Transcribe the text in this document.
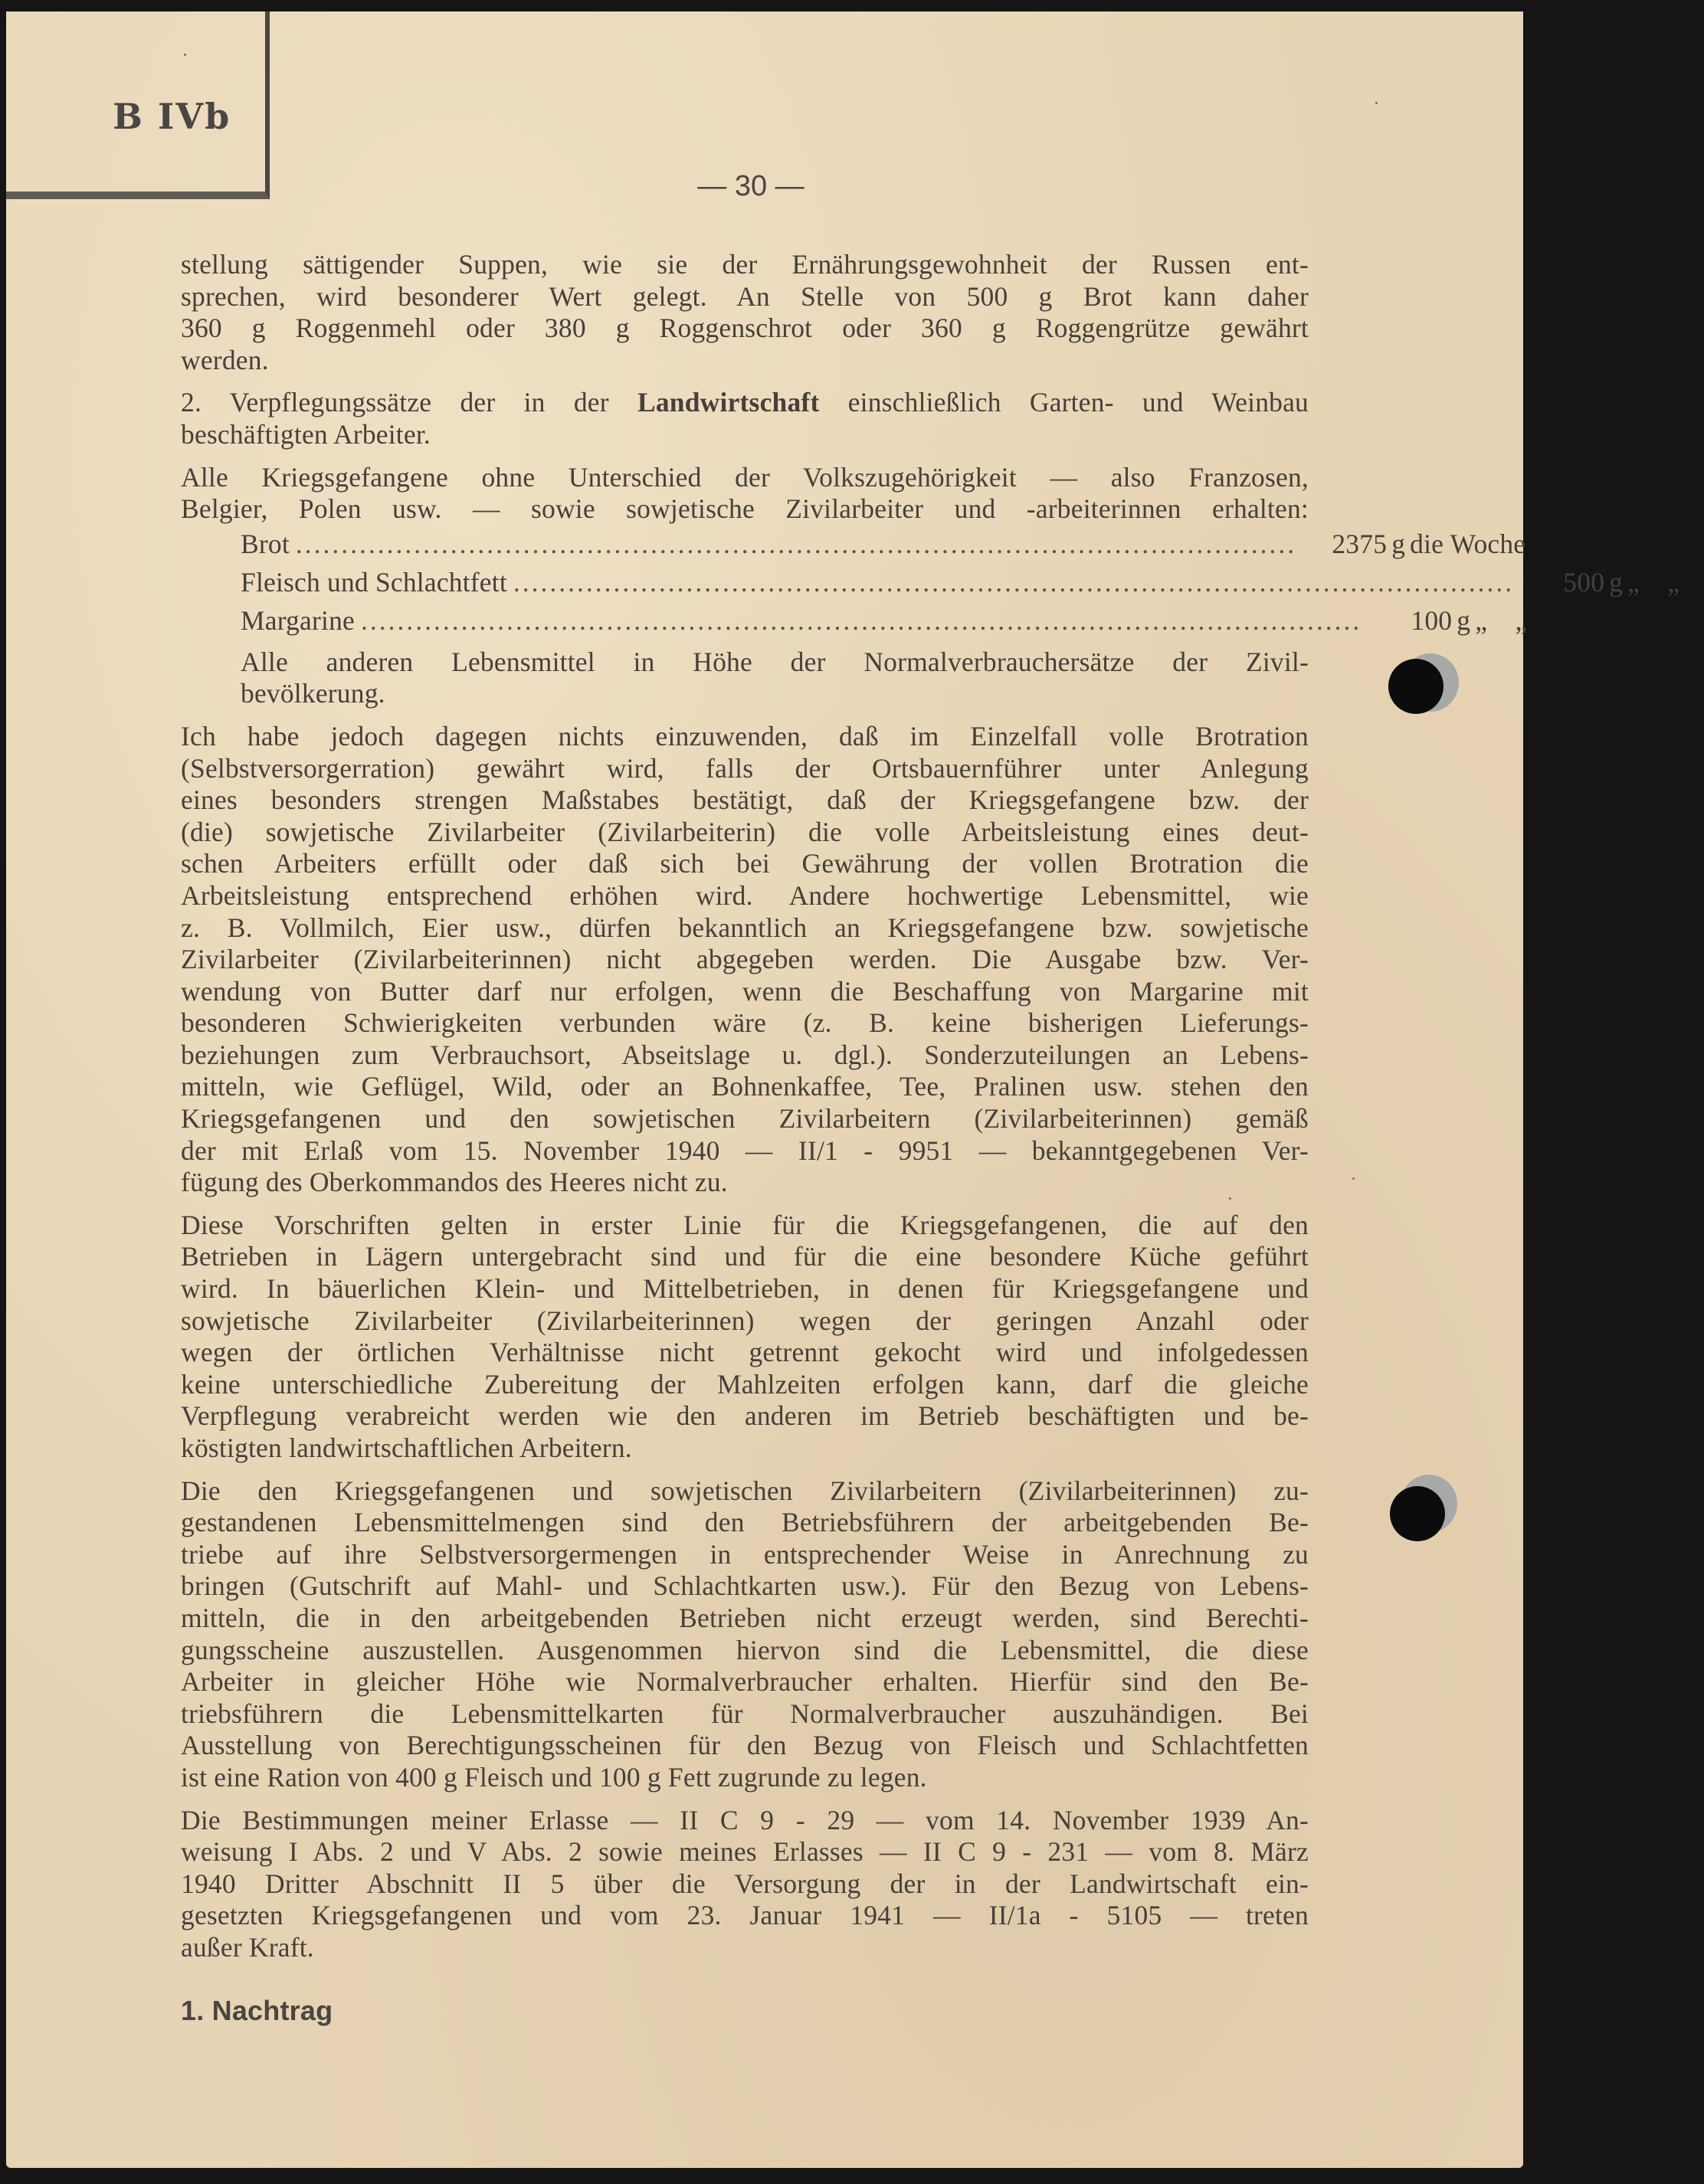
B IVb
— 30 —
stellung sättigender Suppen, wie sie der Ernährungsgewohnheit der Russen ent-
sprechen, wird besonderer Wert gelegt. An Stelle von 500 g Brot kann daher
360 g Roggenmehl oder 380 g Roggenschrot oder 360 g Roggengrütze gewährt
werden.
2. Verpflegungssätze der in der Landwirtschaft einschließlich Garten- und Weinbau
beschäftigten Arbeiter.
Alle Kriegsgefangene ohne Unterschied der Volkszugehörigkeit — also Franzosen,
Belgier, Polen usw. — sowie sowjetische Zivilarbeiter und -arbeiterinnen erhalten:
Brot ..............................................................................................................	2375 g die Woche
Fleisch und Schlachtfett ..............................................................................................................	500 g „    „
Margarine ..............................................................................................................	100 g „    „
Alle anderen Lebensmittel in Höhe der Normalverbrauchersätze der Zivil-
bevölkerung.
Ich habe jedoch dagegen nichts einzuwenden, daß im Einzelfall volle Brotration
(Selbstversorgerration) gewährt wird, falls der Ortsbauernführer unter Anlegung
eines besonders strengen Maßstabes bestätigt, daß der Kriegsgefangene bzw. der
(die) sowjetische Zivilarbeiter (Zivilarbeiterin) die volle Arbeitsleistung eines deut-
schen Arbeiters erfüllt oder daß sich bei Gewährung der vollen Brotration die
Arbeitsleistung entsprechend erhöhen wird. Andere hochwertige Lebensmittel, wie
z. B. Vollmilch, Eier usw., dürfen bekanntlich an Kriegsgefangene bzw. sowjetische
Zivilarbeiter (Zivilarbeiterinnen) nicht abgegeben werden. Die Ausgabe bzw. Ver-
wendung von Butter darf nur erfolgen, wenn die Beschaffung von Margarine mit
besonderen Schwierigkeiten verbunden wäre (z. B. keine bisherigen Lieferungs-
beziehungen zum Verbrauchsort, Abseitslage u. dgl.). Sonderzuteilungen an Lebens-
mitteln, wie Geflügel, Wild, oder an Bohnenkaffee, Tee, Pralinen usw. stehen den
Kriegsgefangenen und den sowjetischen Zivilarbeitern (Zivilarbeiterinnen) gemäß
der mit Erlaß vom 15. November 1940 — II/1 - 9951 — bekanntgegebenen Ver-
fügung des Oberkommandos des Heeres nicht zu.
Diese Vorschriften gelten in erster Linie für die Kriegsgefangenen, die auf den
Betrieben in Lägern untergebracht sind und für die eine besondere Küche geführt
wird. In bäuerlichen Klein- und Mittelbetrieben, in denen für Kriegsgefangene und
sowjetische Zivilarbeiter (Zivilarbeiterinnen) wegen der geringen Anzahl oder
wegen der örtlichen Verhältnisse nicht getrennt gekocht wird und infolgedessen
keine unterschiedliche Zubereitung der Mahlzeiten erfolgen kann, darf die gleiche
Verpflegung verabreicht werden wie den anderen im Betrieb beschäftigten und be-
köstigten landwirtschaftlichen Arbeitern.
Die den Kriegsgefangenen und sowjetischen Zivilarbeitern (Zivilarbeiterinnen) zu-
gestandenen Lebensmittelmengen sind den Betriebsführern der arbeitgebenden Be-
triebe auf ihre Selbstversorgermengen in entsprechender Weise in Anrechnung zu
bringen (Gutschrift auf Mahl- und Schlachtkarten usw.). Für den Bezug von Lebens-
mitteln, die in den arbeitgebenden Betrieben nicht erzeugt werden, sind Berechti-
gungsscheine auszustellen. Ausgenommen hiervon sind die Lebensmittel, die diese
Arbeiter in gleicher Höhe wie Normalverbraucher erhalten. Hierfür sind den Be-
triebsführern die Lebensmittelkarten für Normalverbraucher auszuhändigen. Bei
Ausstellung von Berechtigungsscheinen für den Bezug von Fleisch und Schlachtfetten
ist eine Ration von 400 g Fleisch und 100 g Fett zugrunde zu legen.
Die Bestimmungen meiner Erlasse — II C 9 - 29 — vom 14. November 1939 An-
weisung I Abs. 2 und V Abs. 2 sowie meines Erlasses — II C 9 - 231 — vom 8. März
1940 Dritter Abschnitt II 5 über die Versorgung der in der Landwirtschaft ein-
gesetzten Kriegsgefangenen und vom 23. Januar 1941 — II/1a - 5105 — treten
außer Kraft.
1. Nachtrag
